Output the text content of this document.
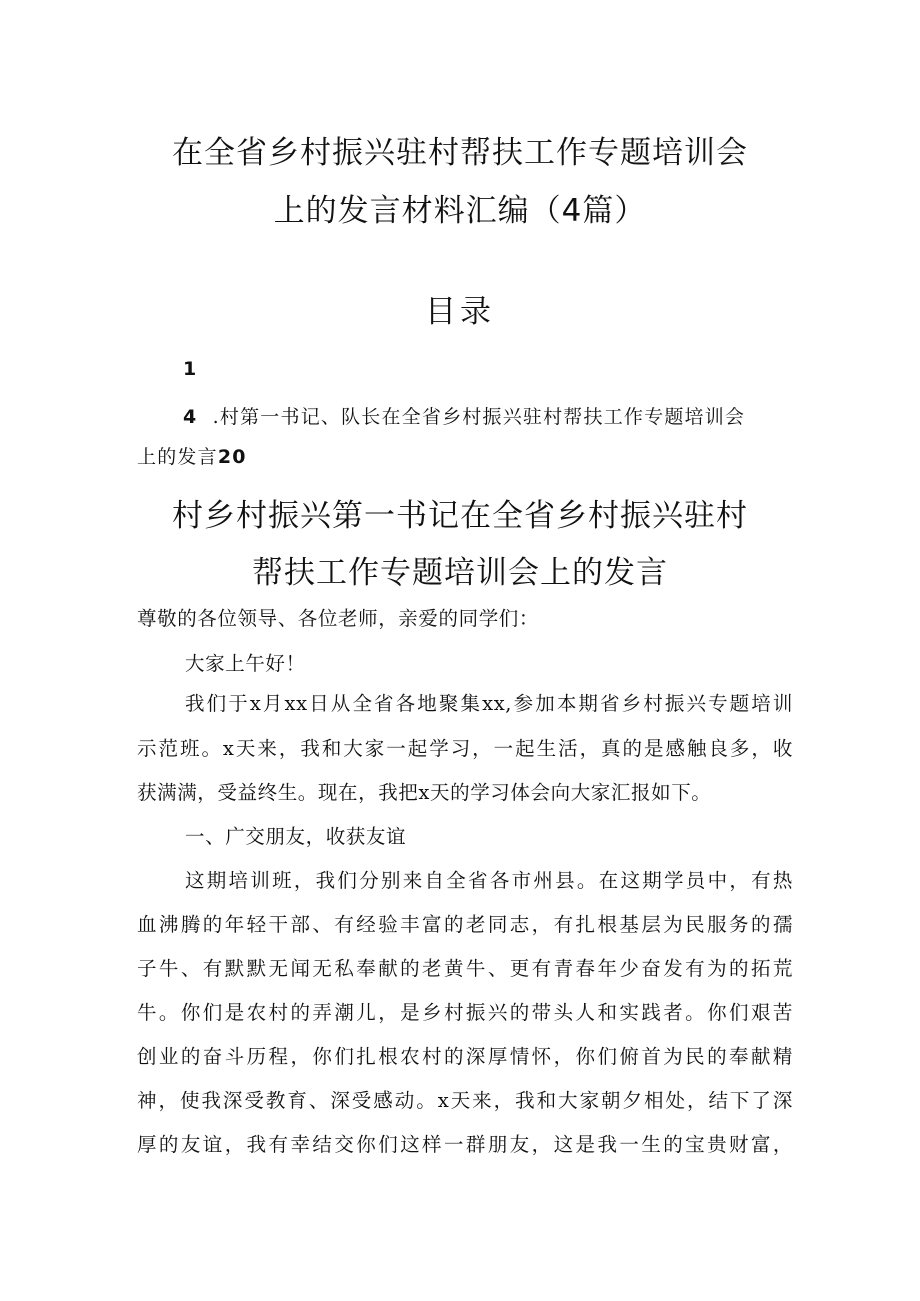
在全省乡村振兴驻村帮扶工作专题培训会
上的发言材料汇编（4篇）
目录
1
4 .村第一书记、队长在全省乡村振兴驻村帮扶工作专题培训会
上的发言20
村乡村振兴第一书记在全省乡村振兴驻村
帮扶工作专题培训会上的发言
尊敬的各位领导、各位老师，亲爱的同学们：
大家上午好！
我们于x月xx日从全省各地聚集xx,参加本期省乡村振兴专题培训
示范班。x天来，我和大家一起学习，一起生活，真的是感触良多，收
获满满，受益终生。现在，我把x天的学习体会向大家汇报如下。
一、广交朋友，收获友谊
这期培训班，我们分别来自全省各市州县。在这期学员中，有热
血沸腾的年轻干部、有经验丰富的老同志，有扎根基层为民服务的孺
子牛、有默默无闻无私奉献的老黄牛、更有青春年少奋发有为的拓荒
牛。你们是农村的弄潮儿，是乡村振兴的带头人和实践者。你们艰苦
创业的奋斗历程，你们扎根农村的深厚情怀，你们俯首为民的奉献精
神，使我深受教育、深受感动。x天来，我和大家朝夕相处，结下了深
厚的友谊，我有幸结交你们这样一群朋友，这是我一生的宝贵财富，
